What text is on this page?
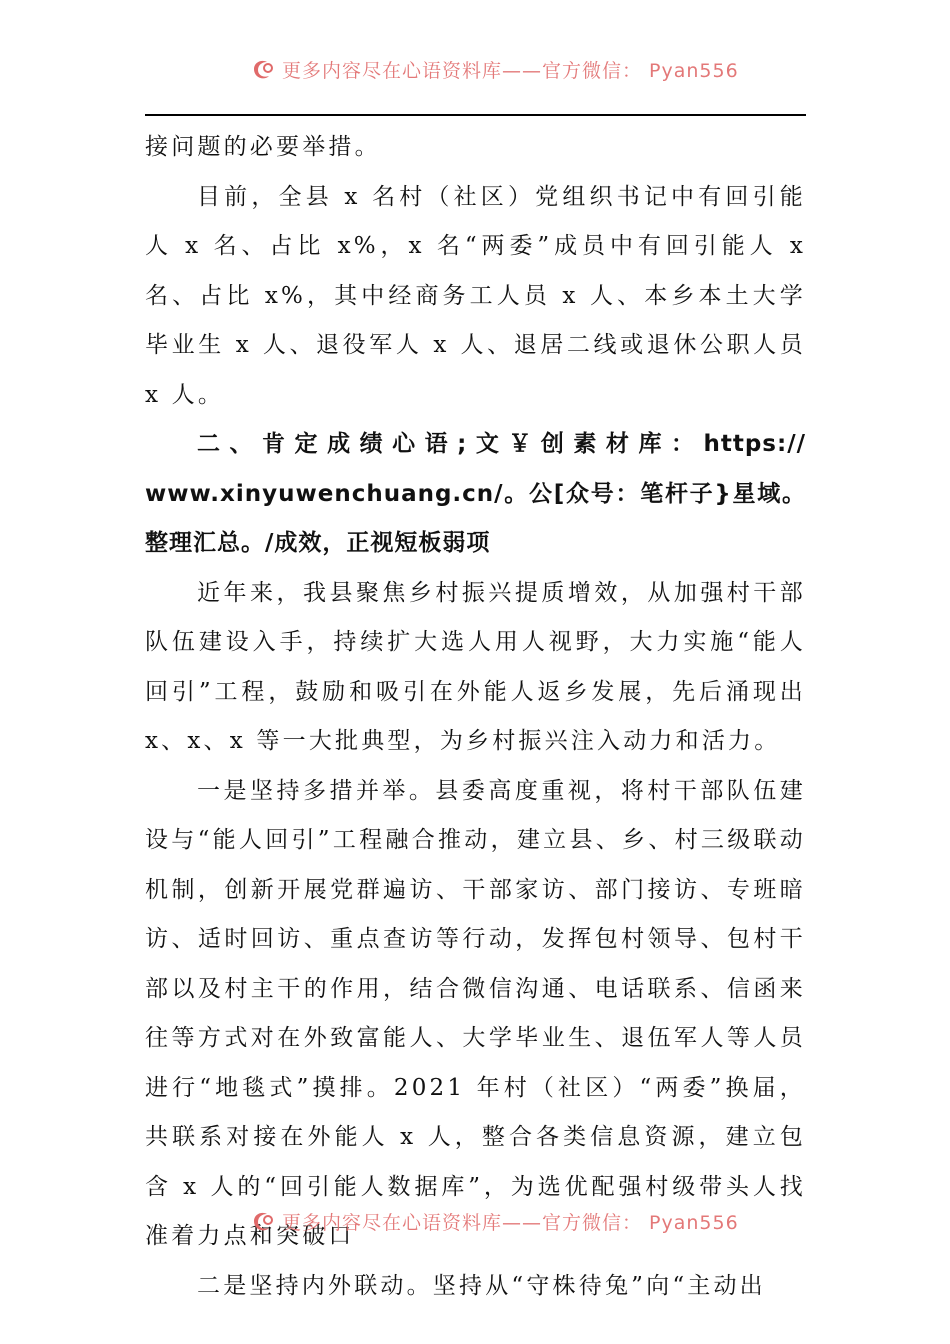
更多内容尽在心语资料库——官方微信： Pyan556

接问题的必要举措。

目前，全县 x 名村（社区）党组织书记中有回引能人 x 名、占比 x%，x 名“两委”成员中有回引能人 x 名、占比 x%，其中经商务工人员 x 人、本乡本土大学毕业生 x 人、退役军人 x 人、退居二线或退休公职人员 x 人。

二、肯定成绩心语;文￥创素材库：https:// www.xinyuwenchuang.cn/。公[众号：笔杆子}星域。整理汇总。/成效，正视短板弱项

近年来，我县聚焦乡村振兴提质增效，从加强村干部队伍建设入手，持续扩大选人用人视野，大力实施“能人回引”工程，鼓励和吸引在外能人返乡发展，先后涌现出 x、x、x 等一大批典型，为乡村振兴注入动力和活力。

一是坚持多措并举。县委高度重视，将村干部队伍建设与“能人回引”工程融合推动，建立县、乡、村三级联动机制，创新开展党群遍访、干部家访、部门接访、专班暗访、适时回访、重点查访等行动，发挥包村领导、包村干部以及村主干的作用，结合微信沟通、电话联系、信函来往等方式对在外致富能人、大学毕业生、退伍军人等人员进行“地毯式”摸排。2021 年村（社区）“两委”换届，共联系对接在外能人 x 人，整合各类信息资源，建立包含 x 人的“回引能人数据库”，为选优配强村级带头人找准着力点和突破口

二是坚持内外联动。坚持从“守株待兔”向“主动出

更多内容尽在心语资料库——官方微信： Pyan556
